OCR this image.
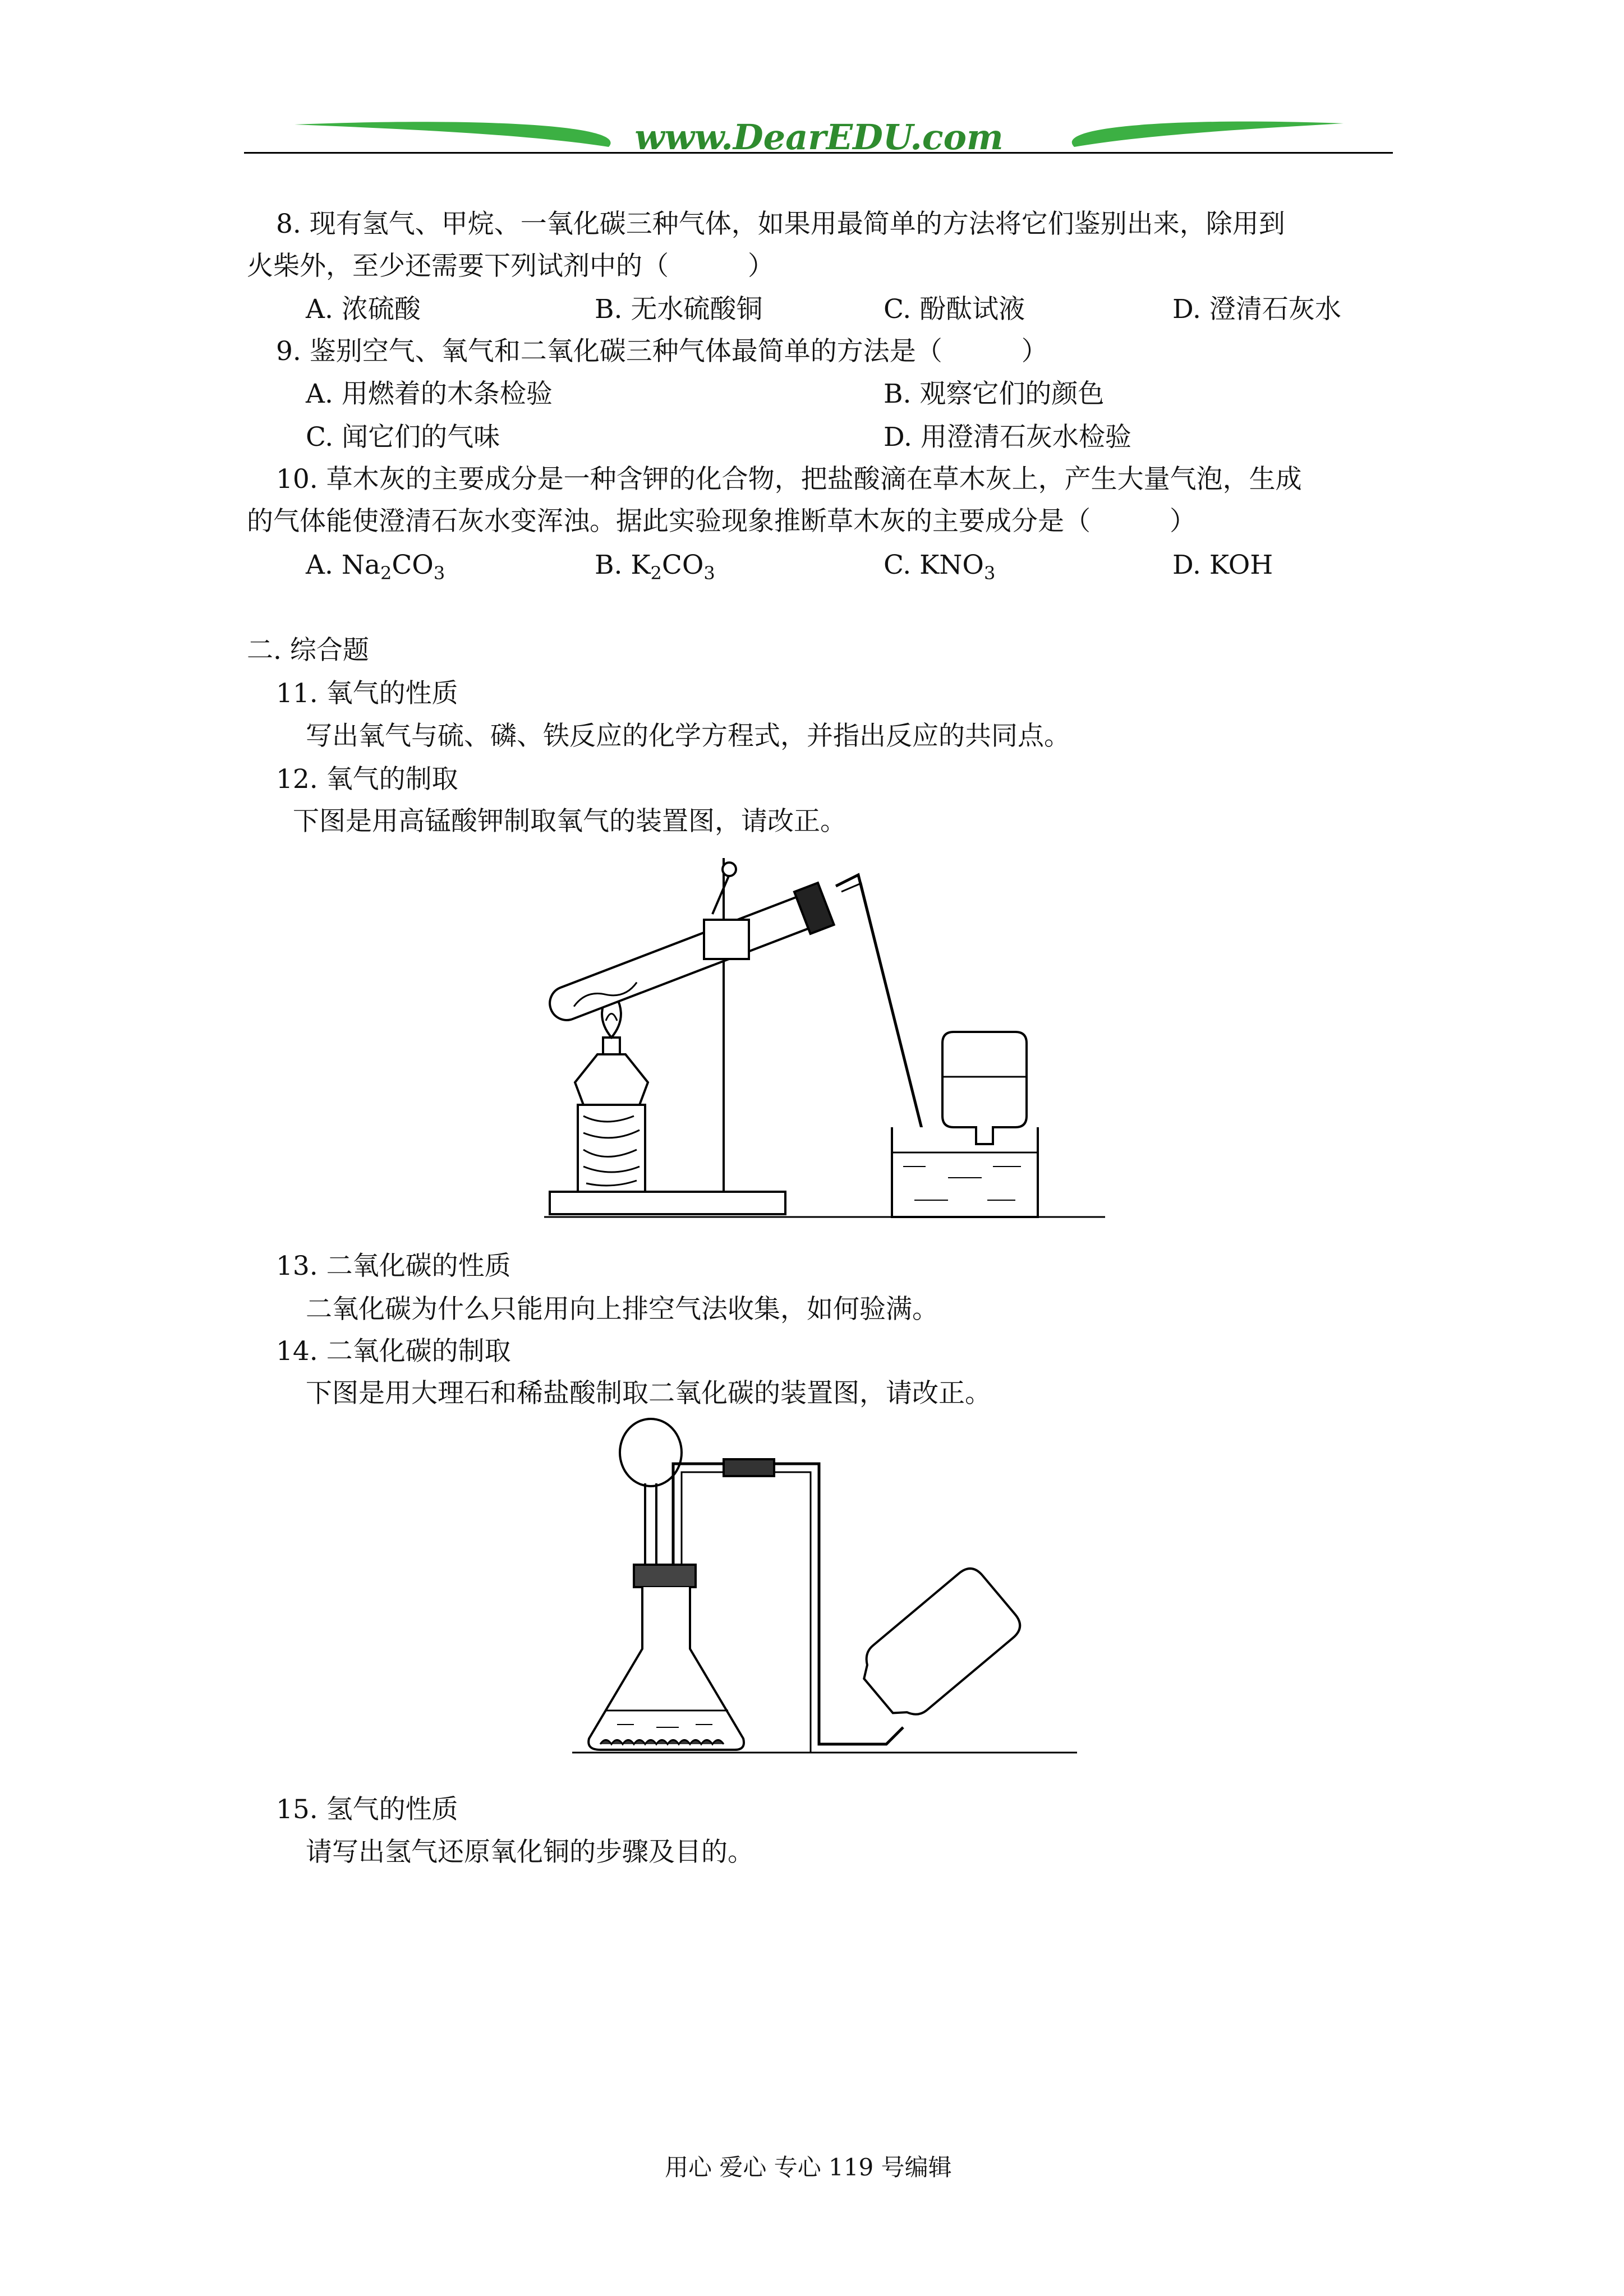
www.DearEDU.com
8. 现有氢气、甲烷、一氧化碳三种气体，如果用最简单的方法将它们鉴别出来，除用到
火柴外，至少还需要下列试剂中的（　　　）
A. 浓硫酸	B. 无水硫酸铜	C. 酚酞试液	D. 澄清石灰水
9. 鉴别空气、氧气和二氧化碳三种气体最简单的方法是（　　　）
A. 用燃着的木条检验	B. 观察它们的颜色
C. 闻它们的气味	D. 用澄清石灰水检验
10. 草木灰的主要成分是一种含钾的化合物，把盐酸滴在草木灰上，产生大量气泡，生成
的气体能使澄清石灰水变浑浊。据此实验现象推断草木灰的主要成分是（　　　）
A. $Na_2CO_3$	B. $K_2CO_3$	C. $KNO_3$	D. KOH
二. 综合题
11. 氧气的性质
写出氧气与硫、磷、铁反应的化学方程式，并指出反应的共同点。
12. 氧气的制取
下图是用高锰酸钾制取氧气的装置图，请改正。
13. 二氧化碳的性质
二氧化碳为什么只能用向上排空气法收集，如何验满。
14. 二氧化碳的制取
下图是用大理石和稀盐酸制取二氧化碳的装置图，请改正。
15. 氢气的性质
请写出氢气还原氧化铜的步骤及目的。
用心 爱心 专心 119 号编辑
